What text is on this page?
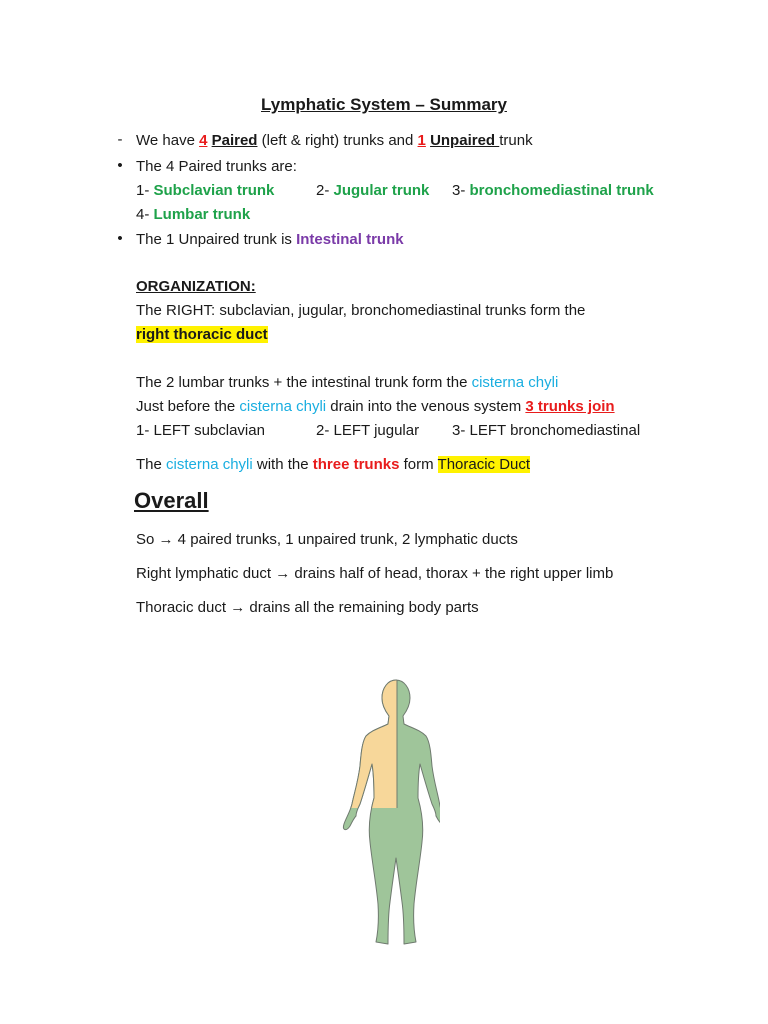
Lymphatic System – Summary
- We have 4 Paired (left & right) trunks and 1 Unpaired trunk
• The 4 Paired trunks are:
1- Subclavian trunk	2- Jugular trunk 3- bronchomediastinal trunk
4- Lumbar trunk
• The 1 Unpaired trunk is Intestinal trunk
ORGANIZATION:
The RIGHT: subclavian, jugular, bronchomediastinal trunks form the
right thoracic duct
The 2 lumbar trunks + the intestinal trunk form the cisterna chyli
Just before the cisterna chyli drain into the venous system 3 trunks join
1- LEFT subclavian	2- LEFT jugular 3- LEFT bronchomediastinal
The cisterna chyli with the three trunks form Thoracic Duct
Overall
So → 4 paired trunks, 1 unpaired trunk, 2 lymphatic ducts
Right lymphatic duct → drains half of head, thorax + the right upper limb
Thoracic duct → drains all the remaining body parts
